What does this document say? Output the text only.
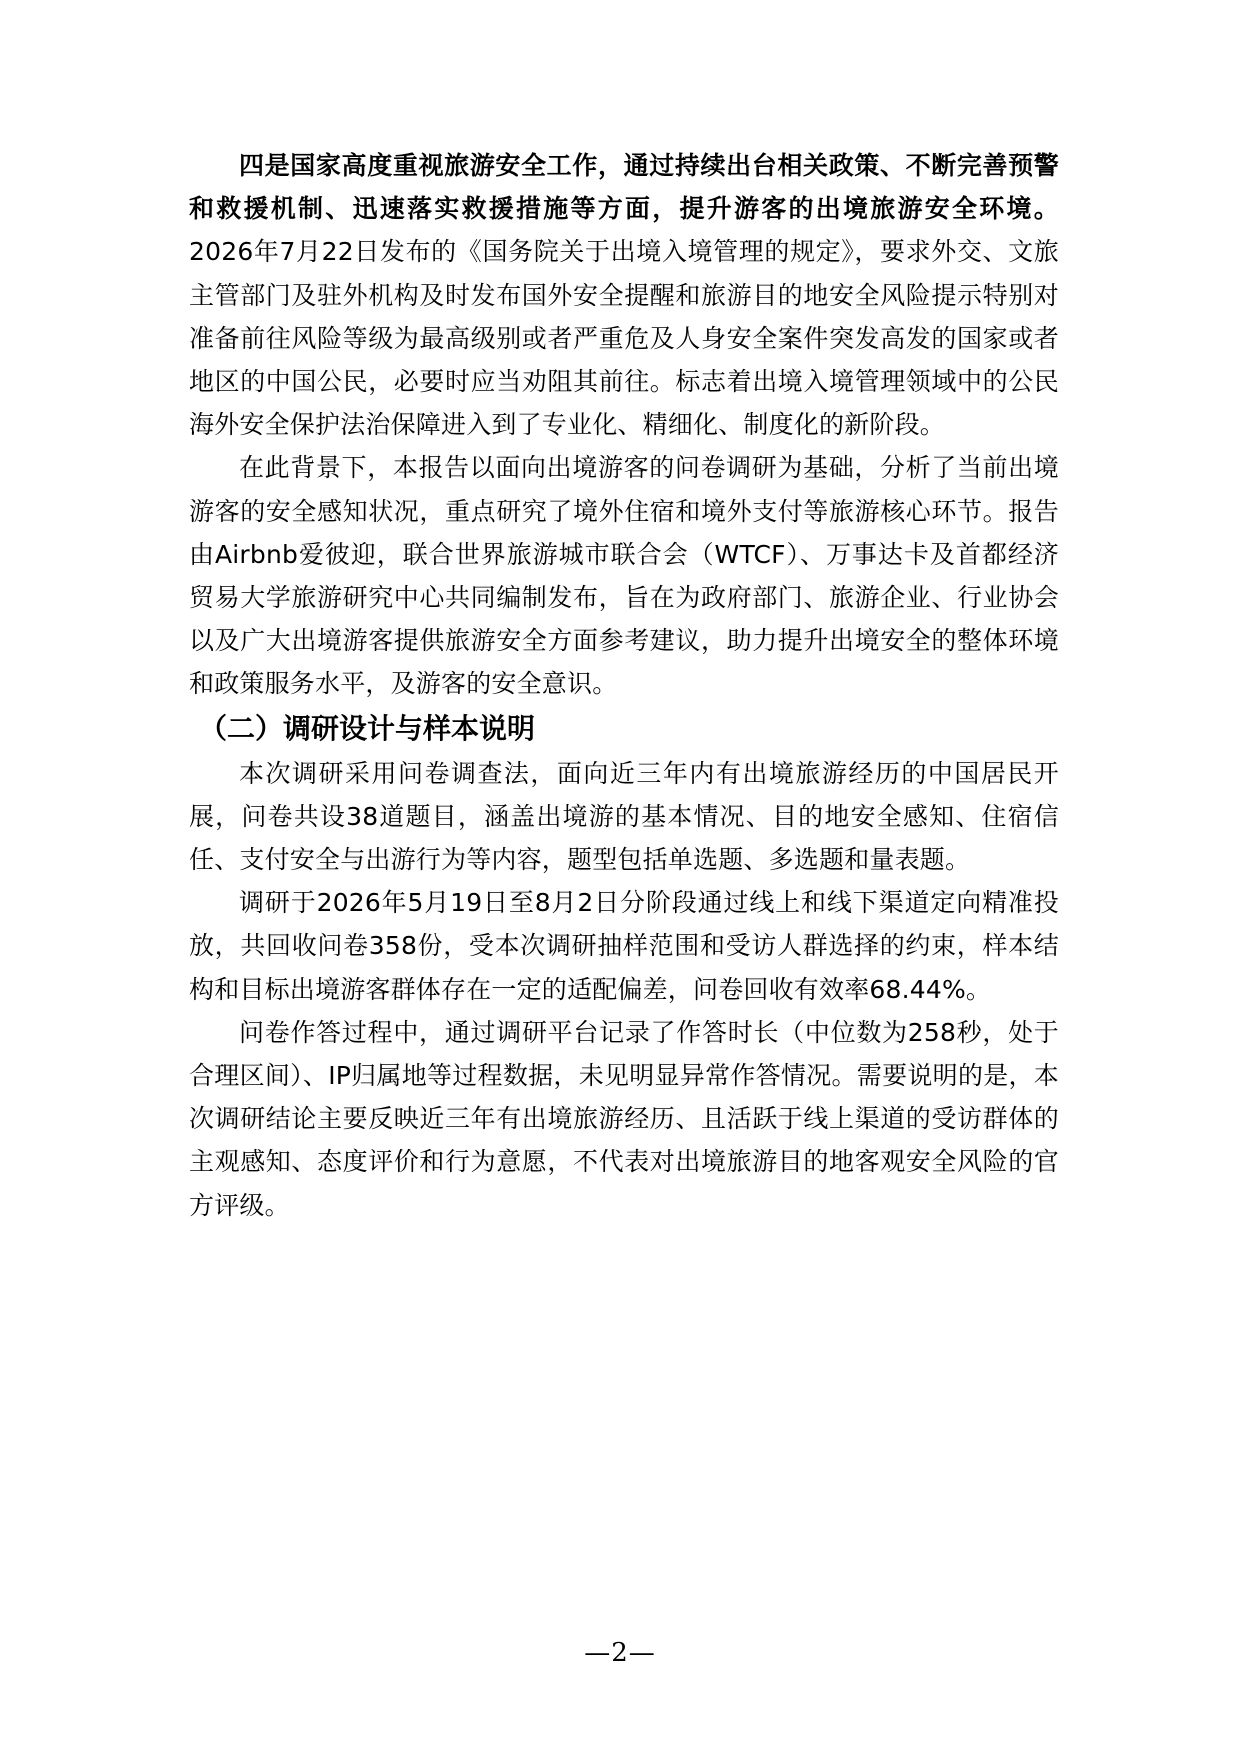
四是国家高度重视旅游安全工作，通过持续出台相关政策、不断完善预警和救援机制、迅速落实救援措施等方面，提升游客的出境旅游安全环境。2026年7月22日发布的《国务院关于出境入境管理的规定》，要求外交、文旅主管部门及驻外机构及时发布国外安全提醒和旅游目的地安全风险提示特别对准备前往风险等级为最高级别或者严重危及人身安全案件突发高发的国家或者地区的中国公民，必要时应当劝阻其前往。标志着出境入境管理领域中的公民海外安全保护法治保障进入到了专业化、精细化、制度化的新阶段。

在此背景下，本报告以面向出境游客的问卷调研为基础，分析了当前出境游客的安全感知状况，重点研究了境外住宿和境外支付等旅游核心环节。报告由Airbnb爱彼迎，联合世界旅游城市联合会（WTCF）、万事达卡及首都经济贸易大学旅游研究中心共同编制发布，旨在为政府部门、旅游企业、行业协会以及广大出境游客提供旅游安全方面参考建议，助力提升出境安全的整体环境和政策服务水平，及游客的安全意识。

（二）调研设计与样本说明

本次调研采用问卷调查法，面向近三年内有出境旅游经历的中国居民开展，问卷共设38道题目，涵盖出境游的基本情况、目的地安全感知、住宿信任、支付安全与出游行为等内容，题型包括单选题、多选题和量表题。

调研于2026年5月19日至8月2日分阶段通过线上和线下渠道定向精准投放，共回收问卷358份，受本次调研抽样范围和受访人群选择的约束，样本结构和目标出境游客群体存在一定的适配偏差，问卷回收有效率68.44%。

问卷作答过程中，通过调研平台记录了作答时长（中位数为258秒，处于合理区间）、IP归属地等过程数据，未见明显异常作答情况。需要说明的是，本次调研结论主要反映近三年有出境旅游经历、且活跃于线上渠道的受访群体的主观感知、态度评价和行为意愿，不代表对出境旅游目的地客观安全风险的官方评级。

—2—
